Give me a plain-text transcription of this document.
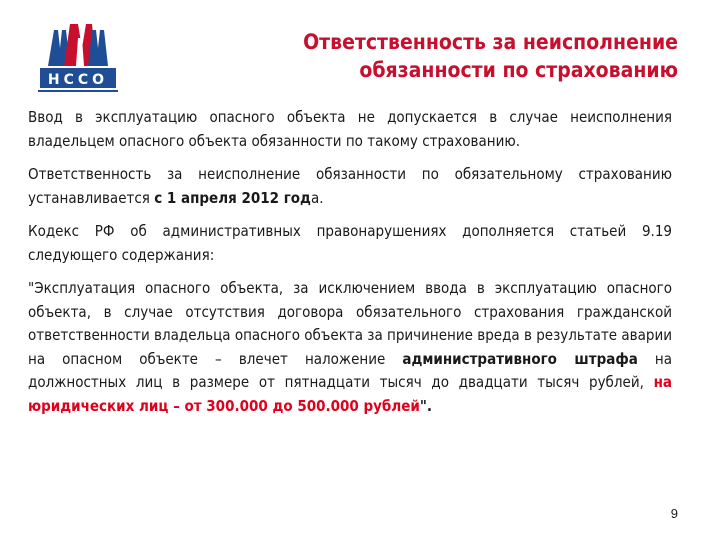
НССО
Ответственность за неисполнение
обязанности по страхованию

Ввод в эксплуатацию опасного объекта не допускается в случае неисполнения владельцем опасного объекта обязанности по такому страхованию.

Ответственность за неисполнение обязанности по обязательному страхованию устанавливается с 1 апреля 2012 года.

Кодекс РФ об административных правонарушениях дополняется статьей 9.19 следующего содержания:

"Эксплуатация опасного объекта, за исключением ввода в эксплуатацию опасного объекта, в случае отсутствия договора обязательного страхования гражданской ответственности владельца опасного объекта за причинение вреда в результате аварии на опасном объекте – влечет наложение административного штрафа на должностных лиц в размере от пятнадцати тысяч до двадцати тысяч рублей, на юридических лиц – от 300.000 до 500.000 рублей".

9
